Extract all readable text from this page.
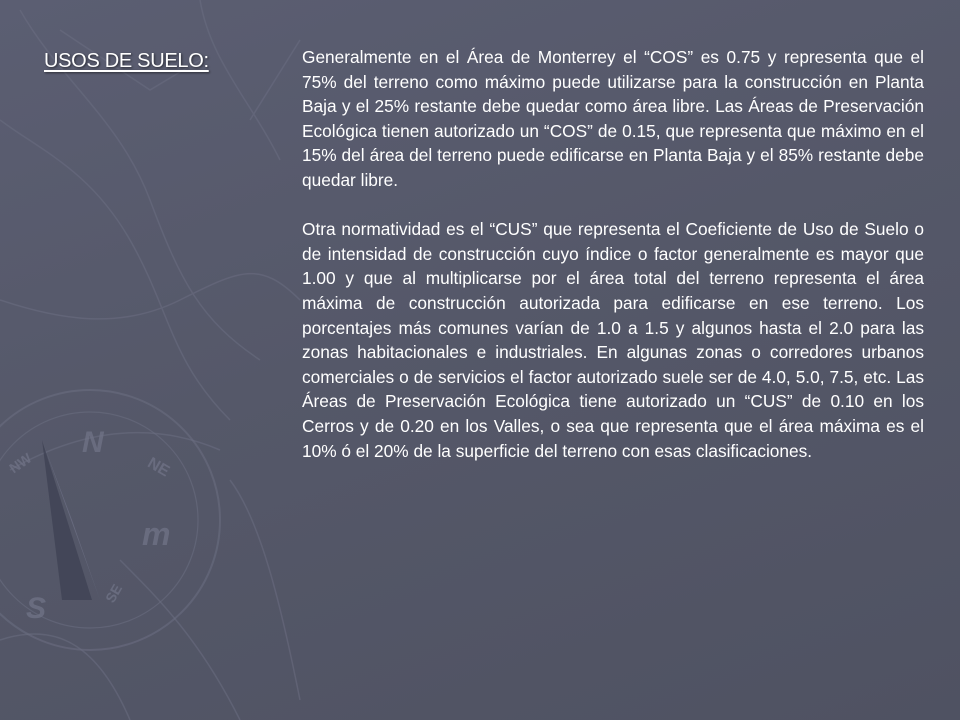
N
NE
NW
m
SE
S
USOS DE SUELO:	Generalmente en el Área de Monterrey el “COS” es 0.75 y representa que el 75% del terreno como máximo puede utilizarse para la construcción en Planta Baja y el 25% restante debe quedar como área libre. Las Áreas de Preservación Ecológica tienen autorizado un “COS” de 0.15, que representa que máximo en el 15% del área del terreno puede edificarse en Planta Baja y el 85% restante debe quedar libre.

Otra normatividad es el “CUS” que representa el Coeficiente de Uso de Suelo o de intensidad de construcción cuyo índice o factor generalmente es mayor que 1.00 y que al multiplicarse por el área total del terreno representa el área máxima de construcción autorizada para edificarse en ese terreno. Los porcentajes más comunes varían de 1.0 a 1.5 y algunos hasta el 2.0 para las zonas habitacionales e industriales. En algunas zonas o corredores urbanos comerciales o de servicios el factor autorizado suele ser de 4.0, 5.0, 7.5, etc. Las Áreas de Preservación Ecológica tiene autorizado un “CUS” de 0.10 en los Cerros y de 0.20 en los Valles, o sea que representa que el área máxima es el 10% ó el 20% de la superficie del terreno con esas clasificaciones.
